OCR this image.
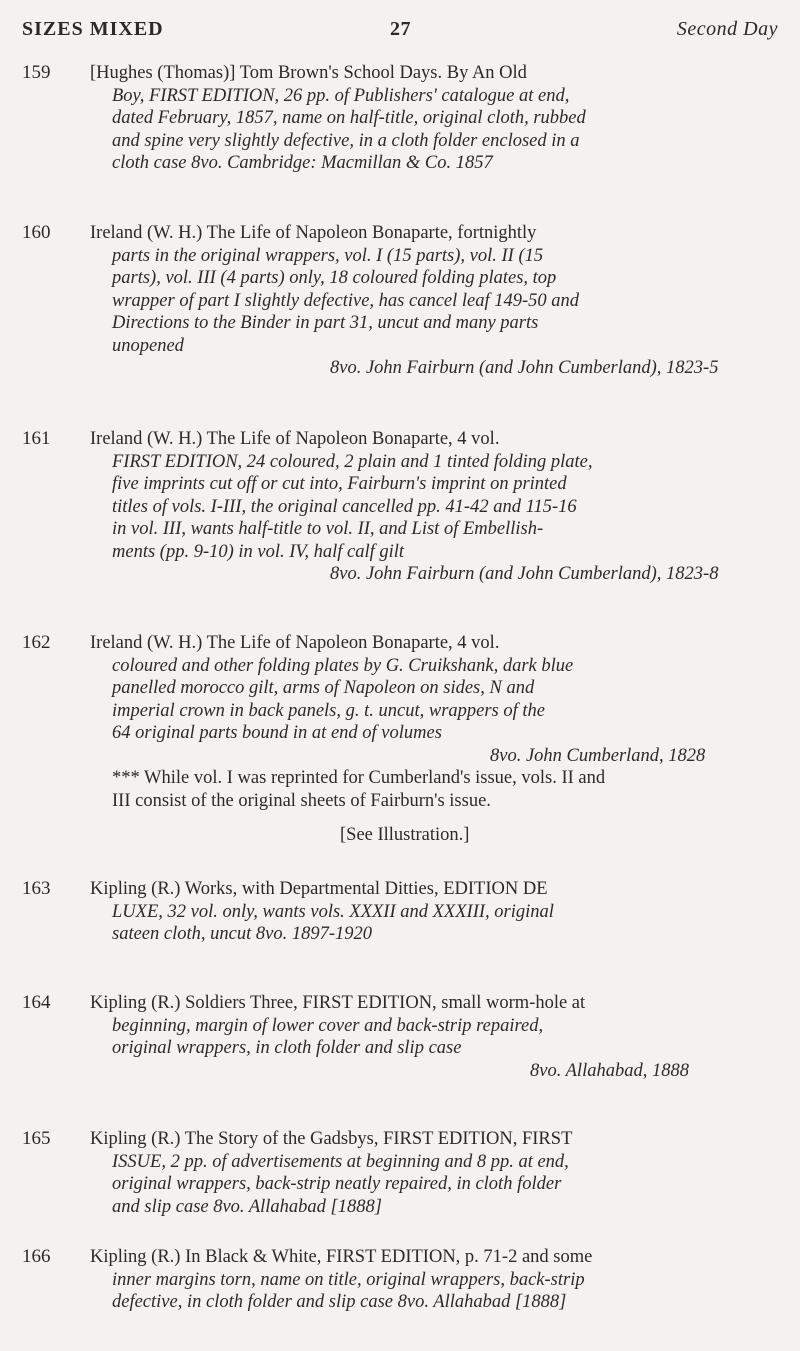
SIZES MIXED	27	Second Day
159	[Hughes (Thomas)] Tom Brown's School Days. By An Old
Boy, FIRST EDITION, 26 pp. of Publishers' catalogue at end,
dated February, 1857, name on half-title, original cloth, rubbed
and spine very slightly defective, in a cloth folder enclosed in a
cloth case 8vo. Cambridge: Macmillan & Co. 1857
160	Ireland (W. H.) The Life of Napoleon Bonaparte, fortnightly
parts in the original wrappers, vol. I (15 parts), vol. II (15
parts), vol. III (4 parts) only, 18 coloured folding plates, top
wrapper of part I slightly defective, has cancel leaf 149-50 and
Directions to the Binder in part 31, uncut and many parts
unopened
8vo. John Fairburn (and John Cumberland), 1823-5
161	Ireland (W. H.) The Life of Napoleon Bonaparte, 4 vol.
FIRST EDITION, 24 coloured, 2 plain and 1 tinted folding plate,
five imprints cut off or cut into, Fairburn's imprint on printed
titles of vols. I-III, the original cancelled pp. 41-42 and 115-16
in vol. III, wants half-title to vol. II, and List of Embellish-
ments (pp. 9-10) in vol. IV, half calf gilt
8vo. John Fairburn (and John Cumberland), 1823-8
162	Ireland (W. H.) The Life of Napoleon Bonaparte, 4 vol.
coloured and other folding plates by G. Cruikshank, dark blue
panelled morocco gilt, arms of Napoleon on sides, N and
imperial crown in back panels, g. t. uncut, wrappers of the
64 original parts bound in at end of volumes
8vo. John Cumberland, 1828
*** While vol. I was reprinted for Cumberland's issue, vols. II and
III consist of the original sheets of Fairburn's issue.
[See Illustration.]
163	Kipling (R.) Works, with Departmental Ditties, EDITION DE
LUXE, 32 vol. only, wants vols. XXXII and XXXIII, original
sateen cloth, uncut 8vo. 1897-1920
164	Kipling (R.) Soldiers Three, FIRST EDITION, small worm-hole at
beginning, margin of lower cover and back-strip repaired,
original wrappers, in cloth folder and slip case
8vo. Allahabad, 1888
165	Kipling (R.) The Story of the Gadsbys, FIRST EDITION, FIRST
ISSUE, 2 pp. of advertisements at beginning and 8 pp. at end,
original wrappers, back-strip neatly repaired, in cloth folder
and slip case 8vo. Allahabad [1888]
166	Kipling (R.) In Black & White, FIRST EDITION, p. 71-2 and some
inner margins torn, name on title, original wrappers, back-strip
defective, in cloth folder and slip case 8vo. Allahabad [1888]
